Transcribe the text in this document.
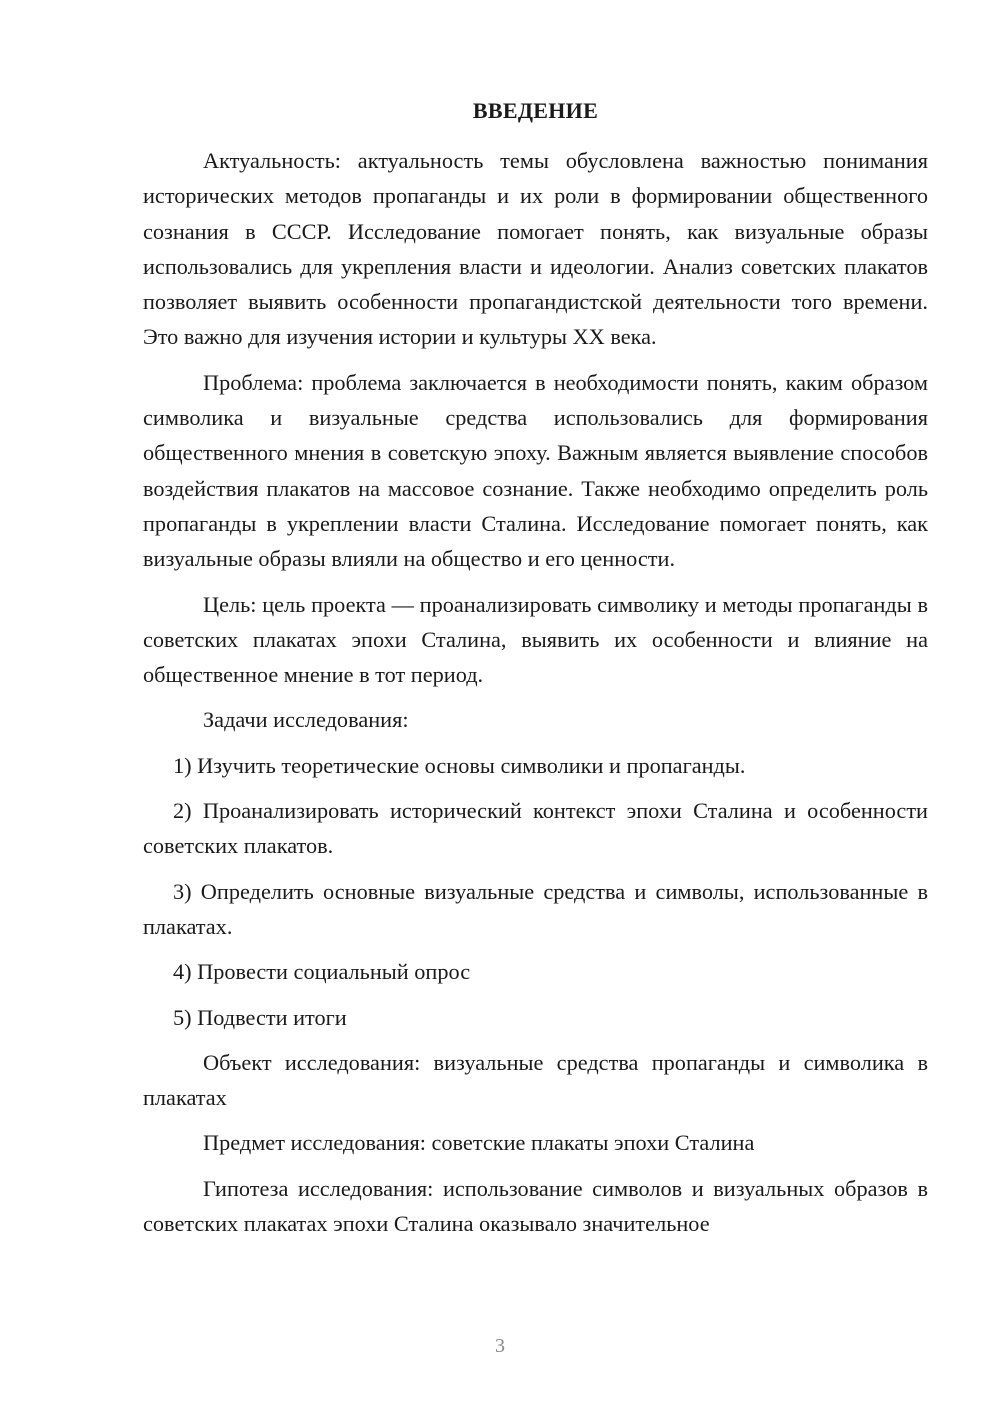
ВВЕДЕНИЕ

Актуальность: актуальность темы обусловлена важностью понимания исторических методов пропаганды и их роли в формировании общественного сознания в СССР. Исследование помогает понять, как визуальные образы использовались для укрепления власти и идеологии. Анализ советских плакатов позволяет выявить особенности пропагандистской деятельности того времени. Это важно для изучения истории и культуры XX века.

Проблема: проблема заключается в необходимости понять, каким образом символика и визуальные средства использовались для формирования общественного мнения в советскую эпоху. Важным является выявление способов воздействия плакатов на массовое сознание. Также необходимо определить роль пропаганды в укреплении власти Сталина. Исследование помогает понять, как визуальные образы влияли на общество и его ценности.

Цель: цель проекта — проанализировать символику и методы пропаганды в советских плакатах эпохи Сталина, выявить их особенности и влияние на общественное мнение в тот период.

Задачи исследования:

1) Изучить теоретические основы символики и пропаганды.

2) Проанализировать исторический контекст эпохи Сталина и особенности советских плакатов.

3) Определить основные визуальные средства и символы, использованные в плакатах.

4) Провести социальный опрос

5) Подвести итоги

Объект исследования: визуальные средства пропаганды и символика в плакатах

Предмет исследования: советские плакаты эпохи Сталина

Гипотеза исследования: использование символов и визуальных образов в советских плакатах эпохи Сталина оказывало значительное

3
